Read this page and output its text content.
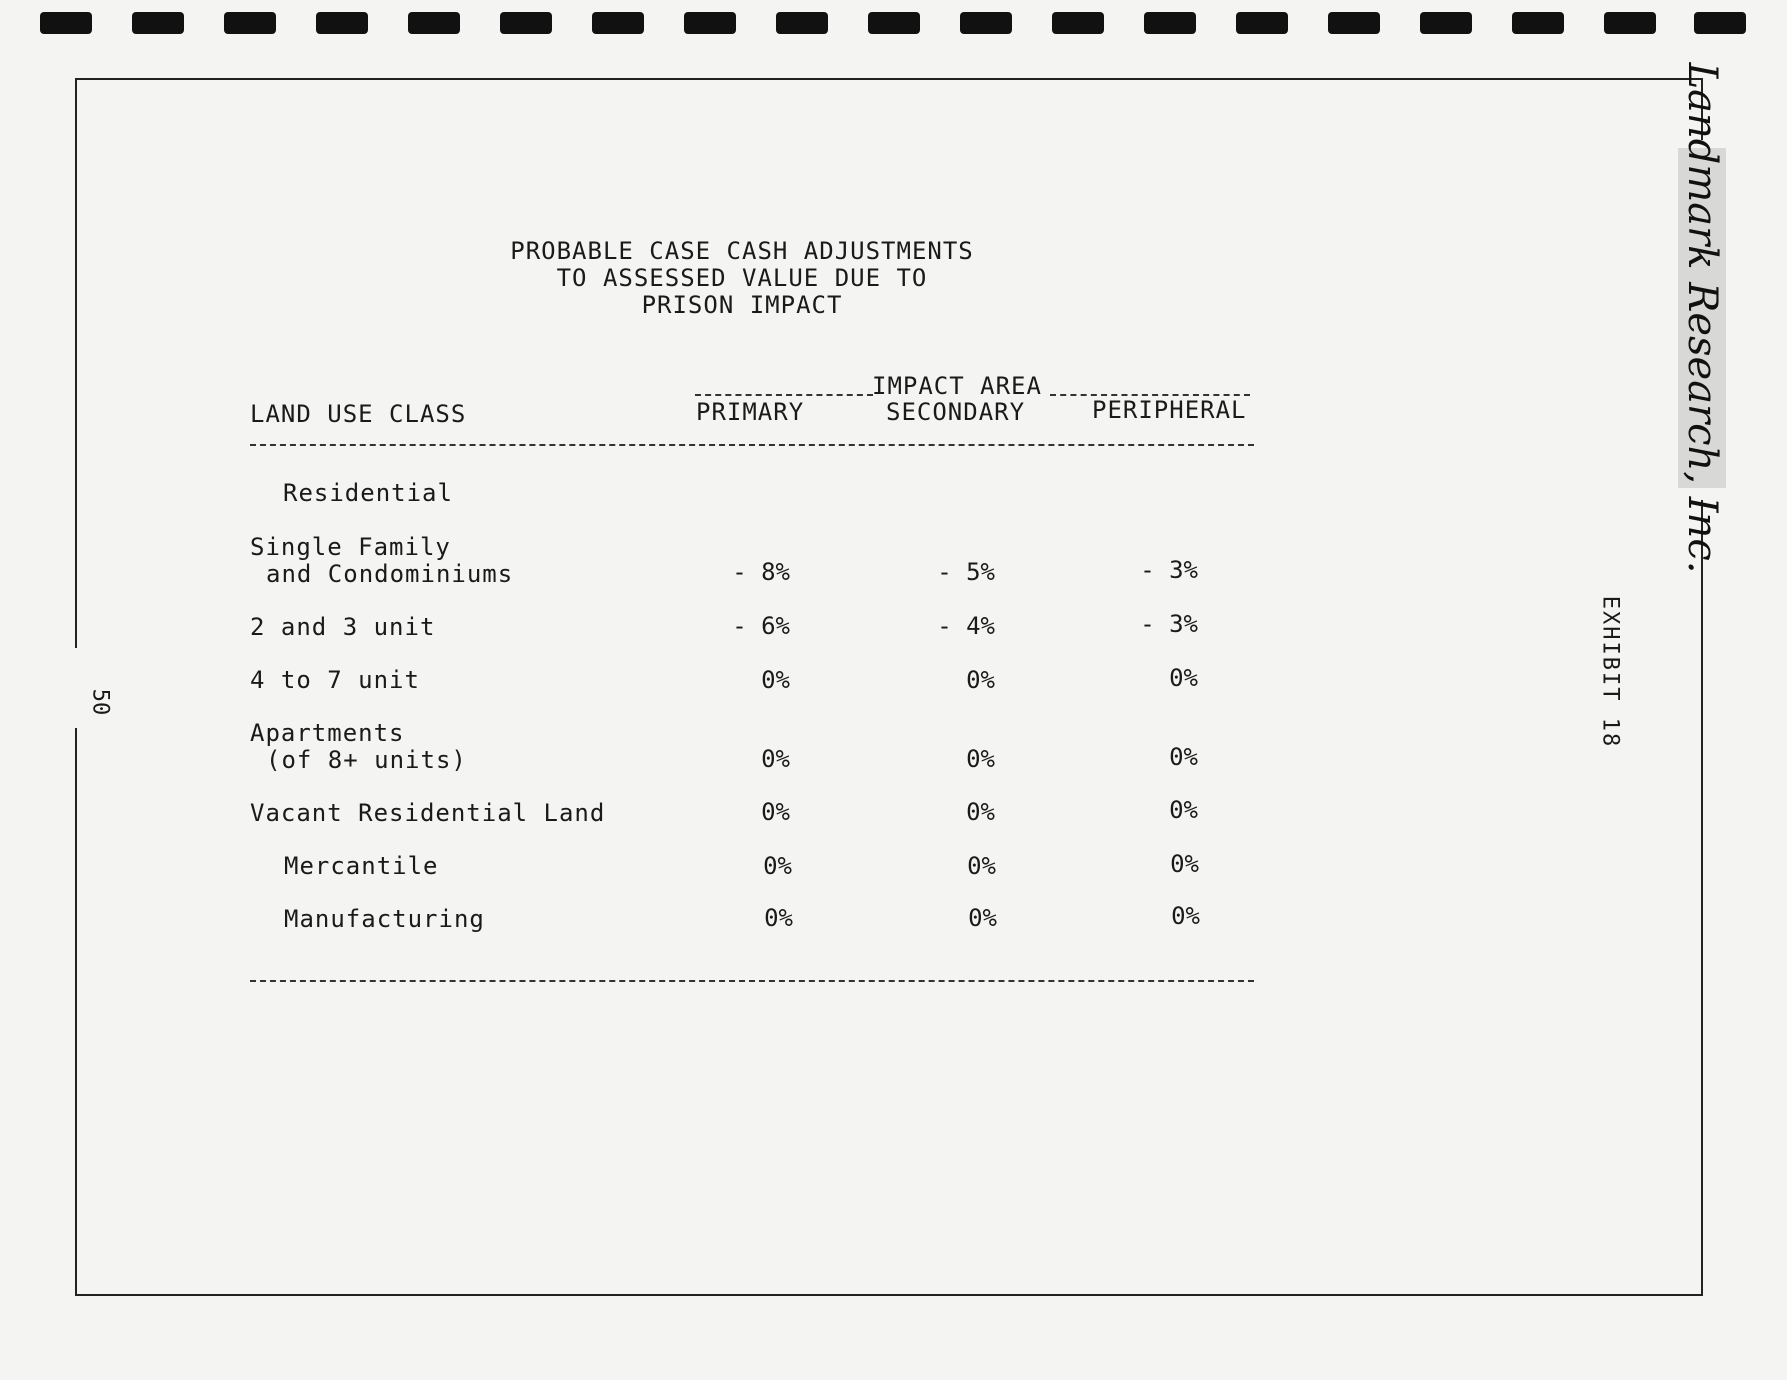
Landmark Research, Inc.
50	EXHIBIT 18
PROBABLE CASE CASH ADJUSTMENTS
TO ASSESSED VALUE DUE TO
PRISON IMPACT
IMPACT AREA
LAND USE CLASS	PRIMARY	SECONDARY	PERIPHERAL
Residential
Single Family
and Condominiums	- 8%	- 5%	- 3%
2 and 3 unit	- 6%	- 4%	- 3%
4 to 7 unit	0%	0%	0%
Apartments
(of 8+ units)	0%	0%	0%
Vacant Residential Land	0%	0%	0%
Mercantile	0%	0%	0%
Manufacturing	0%	0%	0%
